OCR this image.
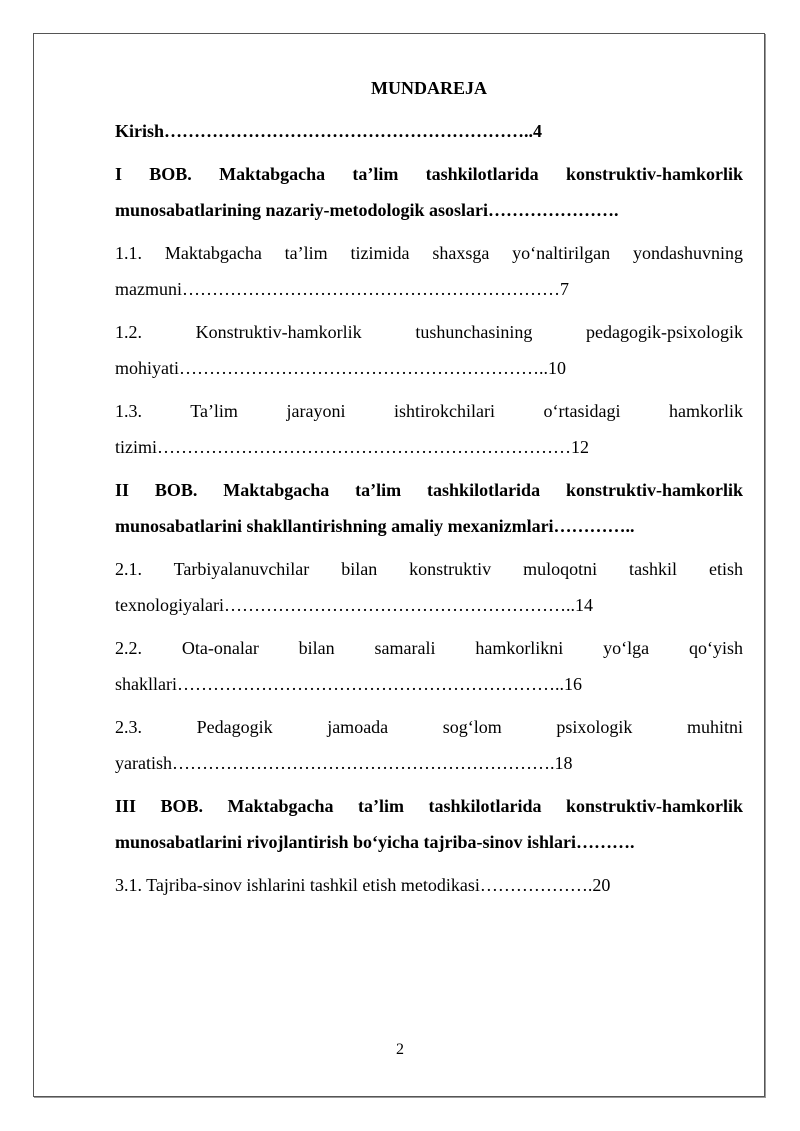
MUNDAREJA
Kirish……………………………………………………..4
I BOB. Maktabgacha ta’lim tashkilotlarida konstruktiv-hamkorlik munosabatlarining nazariy-metodologik asoslari………………….
1.1. Maktabgacha ta’lim tizimida shaxsga yo‘naltirilgan yondashuvning mazmuni………………………………………………………7
1.2. Konstruktiv-hamkorlik tushunchasining pedagogik-psixologik mohiyati……………………………………………………..10
1.3. Ta’lim jarayoni ishtirokchilari o‘rtasidagi hamkorlik tizimi……………………………………………………………12
II BOB. Maktabgacha ta’lim tashkilotlarida konstruktiv-hamkorlik munosabatlarini shakllantirishning amaliy mexanizmlari…………..
2.1. Tarbiyalanuvchilar bilan konstruktiv muloqotni tashkil etish texnologiyalari…………………………………………………..14
2.2. Ota-onalar bilan samarali hamkorlikni yo‘lga qo‘yish shakllari………………………………………………………..16
2.3. Pedagogik jamoada sog‘lom psixologik muhitni yaratish……………………………………………………….18
III BOB. Maktabgacha ta’lim tashkilotlarida konstruktiv-hamkorlik munosabatlarini rivojlantirish bo‘yicha tajriba-sinov ishlari……….
3.1. Tajriba-sinov ishlarini tashkil etish metodikasi……………….20
2
